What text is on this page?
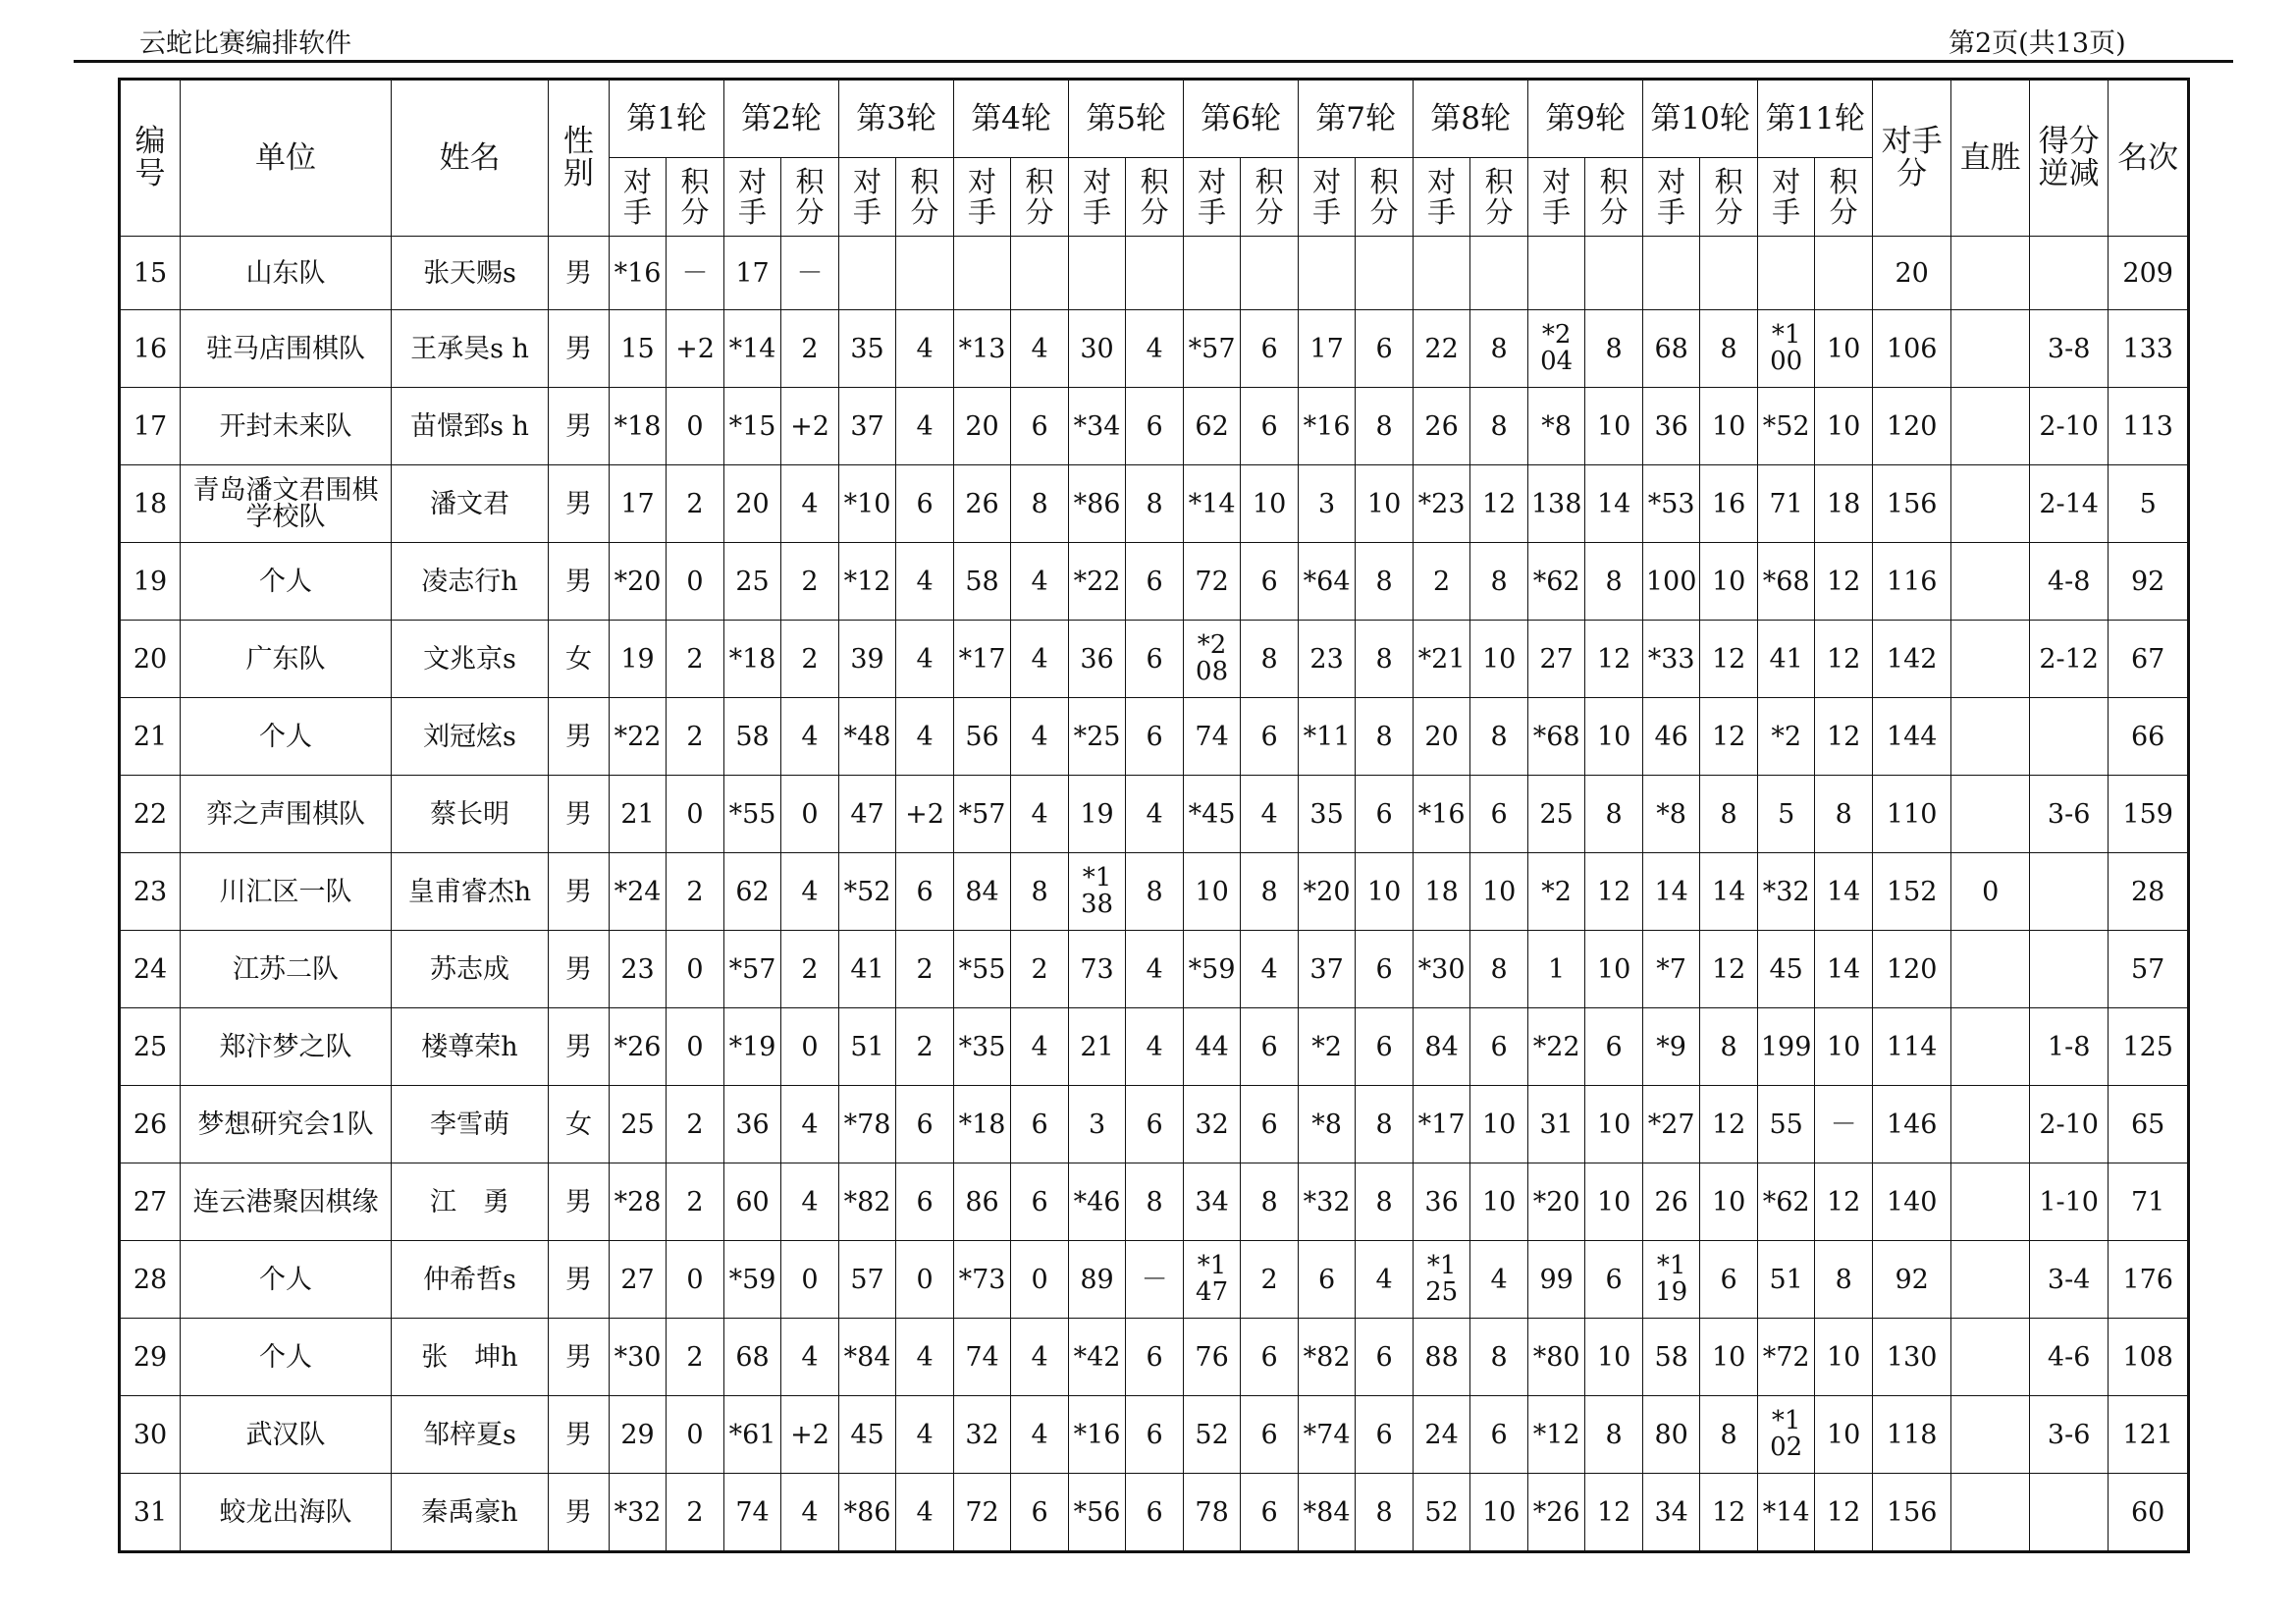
云蛇比赛编排软件	第2页(共13页)
编号	单位	姓名	性别	第1轮		第2轮		第3轮		第4轮		第5轮		第6轮		第7轮		第8轮		第9轮		第10轮		第11轮		对手分	直胜	得分逆减	名次
				对手	积分	对手	积分	对手	积分	对手	积分	对手	积分	对手	积分	对手	积分	对手	积分	对手	积分	对手	积分	对手	积分				
15	山东队	张天赐s	男	*16	－	17	－																			20			209
16	驻马店围棋队	王承昊s h	男	15	+2	*14	2	35	4	*13	4	30	4	*57	6	17	6	22	8	*204	8	68	8	*100	10	106		3-8	133
17	开封未来队	苗憬郅s h	男	*18	0	*15	+2	37	4	20	6	*34	6	62	6	*16	8	26	8	*8	10	36	10	*52	10	120		2-10	113
18	青岛潘文君围棋学校队	潘文君	男	17	2	20	4	*10	6	26	8	*86	8	*14	10	3	10	*23	12	138	14	*53	16	71	18	156		2-14	5
19	个人	凌志行h	男	*20	0	25	2	*12	4	58	4	*22	6	72	6	*64	8	2	8	*62	8	100	10	*68	12	116		4-8	92
20	广东队	文兆京s	女	19	2	*18	2	39	4	*17	4	36	6	*208	8	23	8	*21	10	27	12	*33	12	41	12	142		2-12	67
21	个人	刘冠炫s	男	*22	2	58	4	*48	4	56	4	*25	6	74	6	*11	8	20	8	*68	10	46	12	*2	12	144			66
22	弈之声围棋队	蔡长明	男	21	0	*55	0	47	+2	*57	4	19	4	*45	4	35	6	*16	6	25	8	*8	8	5	8	110		3-6	159
23	川汇区一队	皇甫睿杰h	男	*24	2	62	4	*52	6	84	8	*138	8	10	8	*20	10	18	10	*2	12	14	14	*32	14	152	0		28
24	江苏二队	苏志成	男	23	0	*57	2	41	2	*55	2	73	4	*59	4	37	6	*30	8	1	10	*7	12	45	14	120			57
25	郑汴梦之队	楼尊荣h	男	*26	0	*19	0	51	2	*35	4	21	4	44	6	*2	6	84	6	*22	6	*9	8	199	10	114		1-8	125
26	梦想研究会1队	李雪萌	女	25	2	36	4	*78	6	*18	6	3	6	32	6	*8	8	*17	10	31	10	*27	12	55	－	146		2-10	65
27	连云港聚因棋缘	江　勇	男	*28	2	60	4	*82	6	86	6	*46	8	34	8	*32	8	36	10	*20	10	26	10	*62	12	140		1-10	71
28	个人	仲希哲s	男	27	0	*59	0	57	0	*73	0	89	－	*147	2	6	4	*125	4	99	6	*119	6	51	8	92		3-4	176
29	个人	张　坤h	男	*30	2	68	4	*84	4	74	4	*42	6	76	6	*82	6	88	8	*80	10	58	10	*72	10	130		4-6	108
30	武汉队	邹梓夏s	男	29	0	*61	+2	45	4	32	4	*16	6	52	6	*74	6	24	6	*12	8	80	8	*102	10	118		3-6	121
31	蛟龙出海队	秦禹豪h	男	*32	2	74	4	*86	4	72	6	*56	6	78	6	*84	8	52	10	*26	12	34	12	*14	12	156			60
